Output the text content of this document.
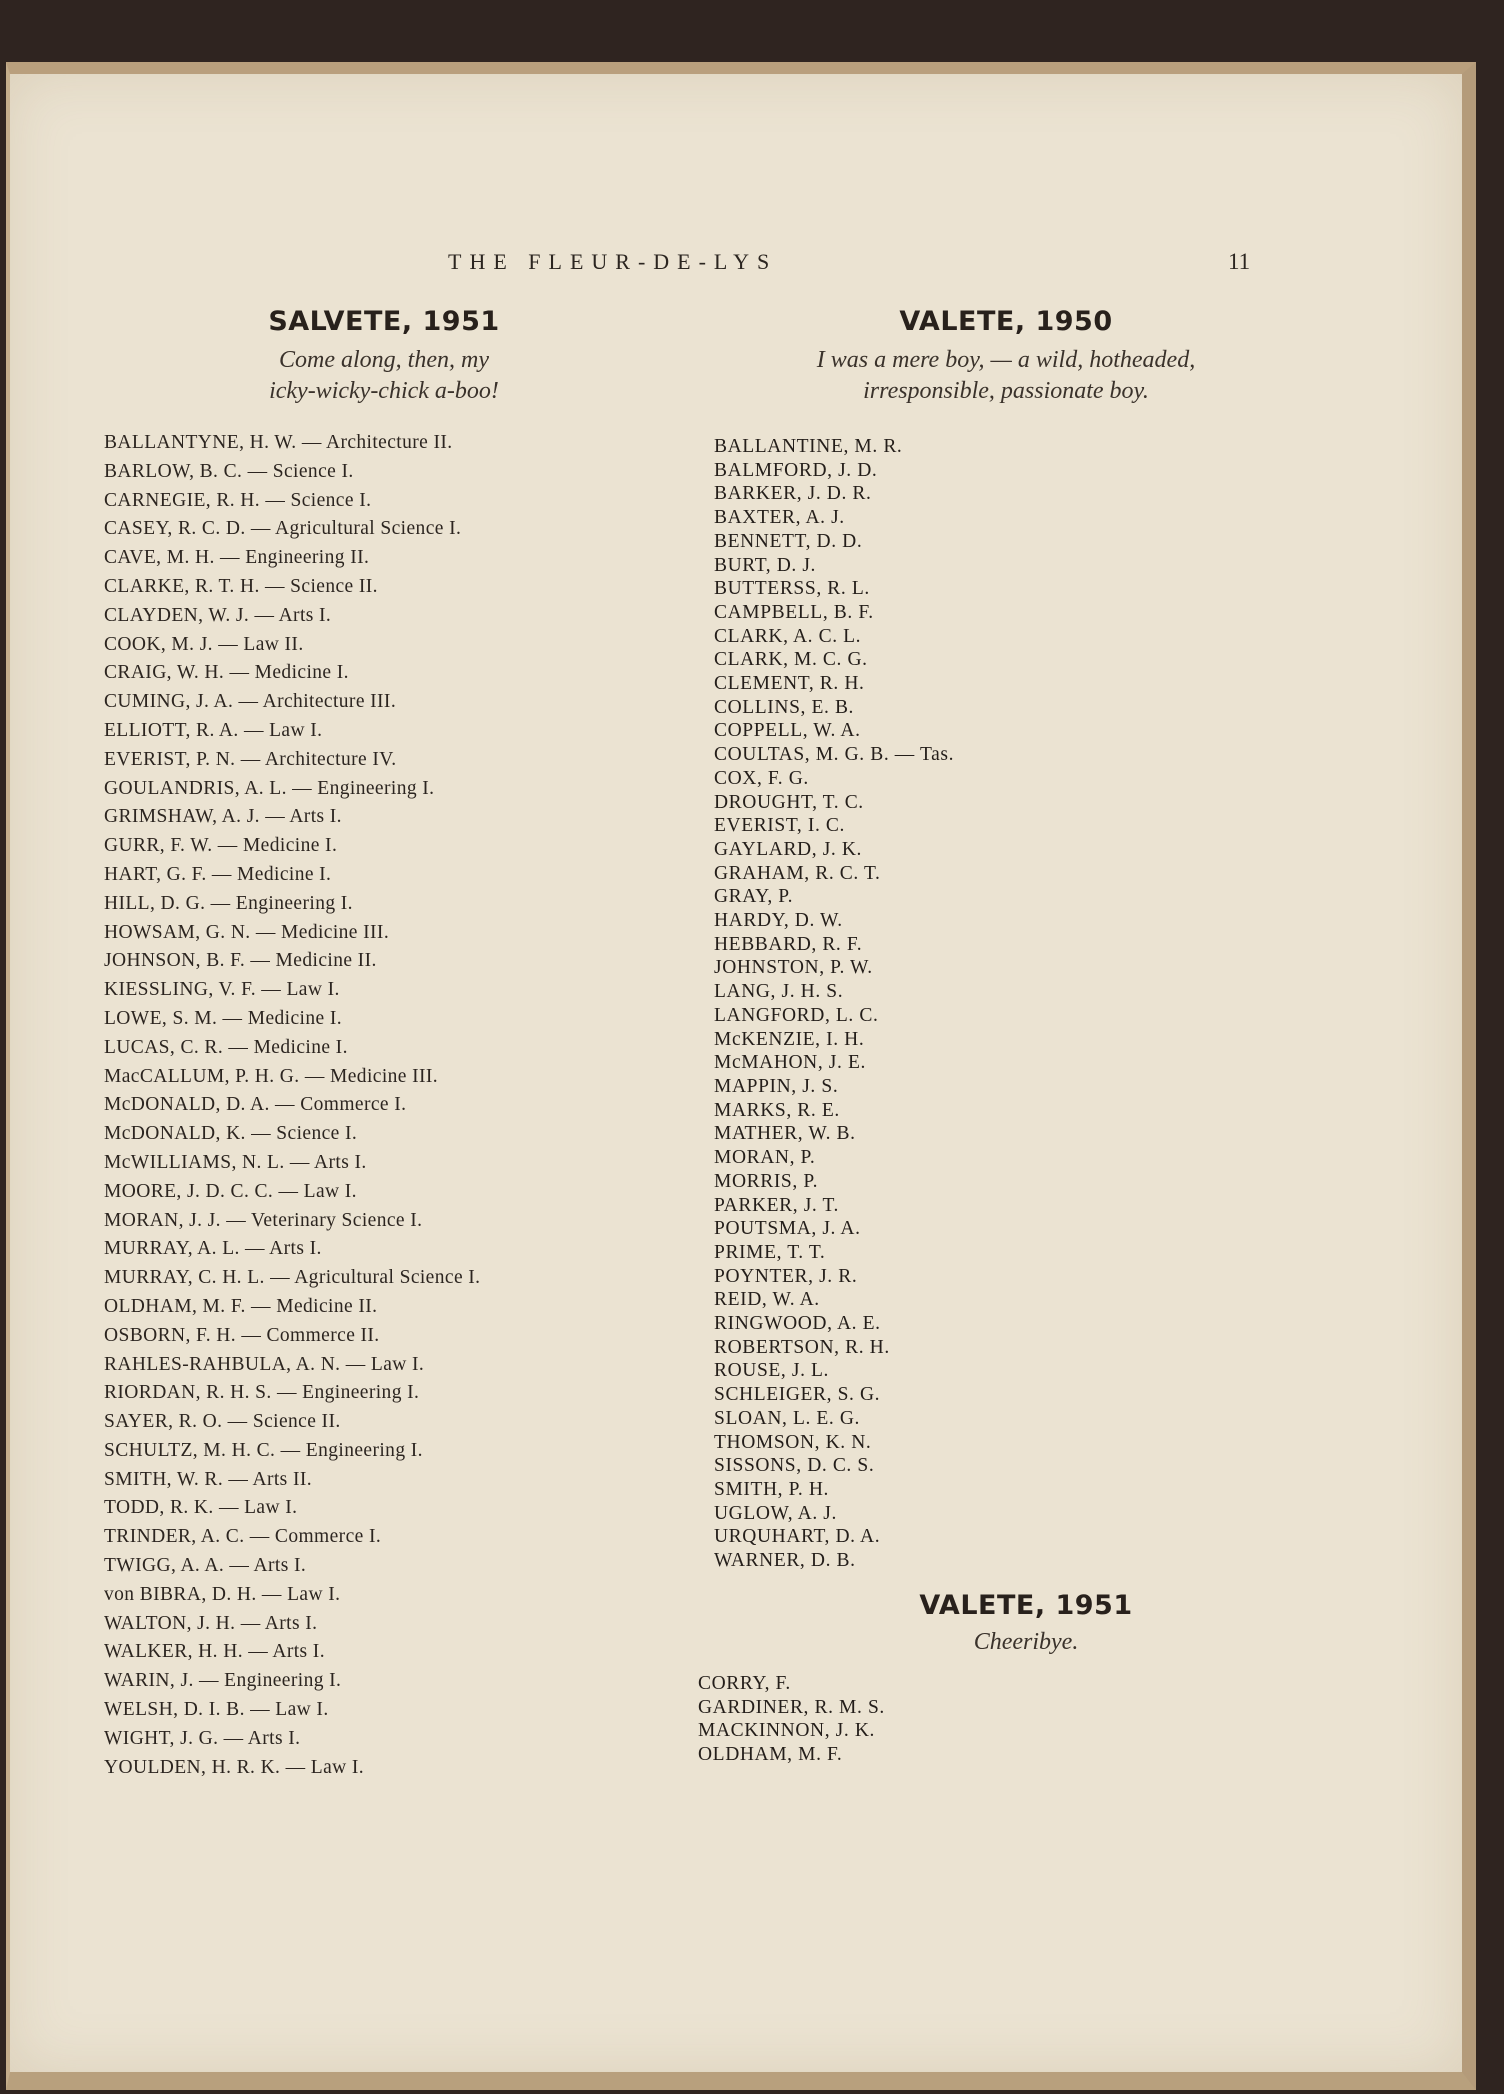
THE FLEUR-DE-LYS	11
SALVETE, 1951
Come along, then, my
icky-wicky-chick a-boo!
BALLANTYNE, H. W. — Architecture II.
BARLOW, B. C. — Science I.
CARNEGIE, R. H. — Science I.
CASEY, R. C. D. — Agricultural Science I.
CAVE, M. H. — Engineering II.
CLARKE, R. T. H. — Science II.
CLAYDEN, W. J. — Arts I.
COOK, M. J. — Law II.
CRAIG, W. H. — Medicine I.
CUMING, J. A. — Architecture III.
ELLIOTT, R. A. — Law I.
EVERIST, P. N. — Architecture IV.
GOULANDRIS, A. L. — Engineering I.
GRIMSHAW, A. J. — Arts I.
GURR, F. W. — Medicine I.
HART, G. F. — Medicine I.
HILL, D. G. — Engineering I.
HOWSAM, G. N. — Medicine III.
JOHNSON, B. F. — Medicine II.
KIESSLING, V. F. — Law I.
LOWE, S. M. — Medicine I.
LUCAS, C. R. — Medicine I.
MacCALLUM, P. H. G. — Medicine III.
McDONALD, D. A. — Commerce I.
McDONALD, K. — Science I.
McWILLIAMS, N. L. — Arts I.
MOORE, J. D. C. C. — Law I.
MORAN, J. J. — Veterinary Science I.
MURRAY, A. L. — Arts I.
MURRAY, C. H. L. — Agricultural Science I.
OLDHAM, M. F. — Medicine II.
OSBORN, F. H. — Commerce II.
RAHLES-RAHBULA, A. N. — Law I.
RIORDAN, R. H. S. — Engineering I.
SAYER, R. O. — Science II.
SCHULTZ, M. H. C. — Engineering I.
SMITH, W. R. — Arts II.
TODD, R. K. — Law I.
TRINDER, A. C. — Commerce I.
TWIGG, A. A. — Arts I.
von BIBRA, D. H. — Law I.
WALTON, J. H. — Arts I.
WALKER, H. H. — Arts I.
WARIN, J. — Engineering I.
WELSH, D. I. B. — Law I.
WIGHT, J. G. — Arts I.
YOULDEN, H. R. K. — Law I.
VALETE, 1950
I was a mere boy, — a wild, hotheaded,
irresponsible, passionate boy.
BALLANTINE, M. R.
BALMFORD, J. D.
BARKER, J. D. R.
BAXTER, A. J.
BENNETT, D. D.
BURT, D. J.
BUTTERSS, R. L.
CAMPBELL, B. F.
CLARK, A. C. L.
CLARK, M. C. G.
CLEMENT, R. H.
COLLINS, E. B.
COPPELL, W. A.
COULTAS, M. G. B. — Tas.
COX, F. G.
DROUGHT, T. C.
EVERIST, I. C.
GAYLARD, J. K.
GRAHAM, R. C. T.
GRAY, P.
HARDY, D. W.
HEBBARD, R. F.
JOHNSTON, P. W.
LANG, J. H. S.
LANGFORD, L. C.
McKENZIE, I. H.
McMAHON, J. E.
MAPPIN, J. S.
MARKS, R. E.
MATHER, W. B.
MORAN, P.
MORRIS, P.
PARKER, J. T.
POUTSMA, J. A.
PRIME, T. T.
POYNTER, J. R.
REID, W. A.
RINGWOOD, A. E.
ROBERTSON, R. H.
ROUSE, J. L.
SCHLEIGER, S. G.
SLOAN, L. E. G.
THOMSON, K. N.
SISSONS, D. C. S.
SMITH, P. H.
UGLOW, A. J.
URQUHART, D. A.
WARNER, D. B.
VALETE, 1951
Cheeribye.
CORRY, F.
GARDINER, R. M. S.
MACKINNON, J. K.
OLDHAM, M. F.
